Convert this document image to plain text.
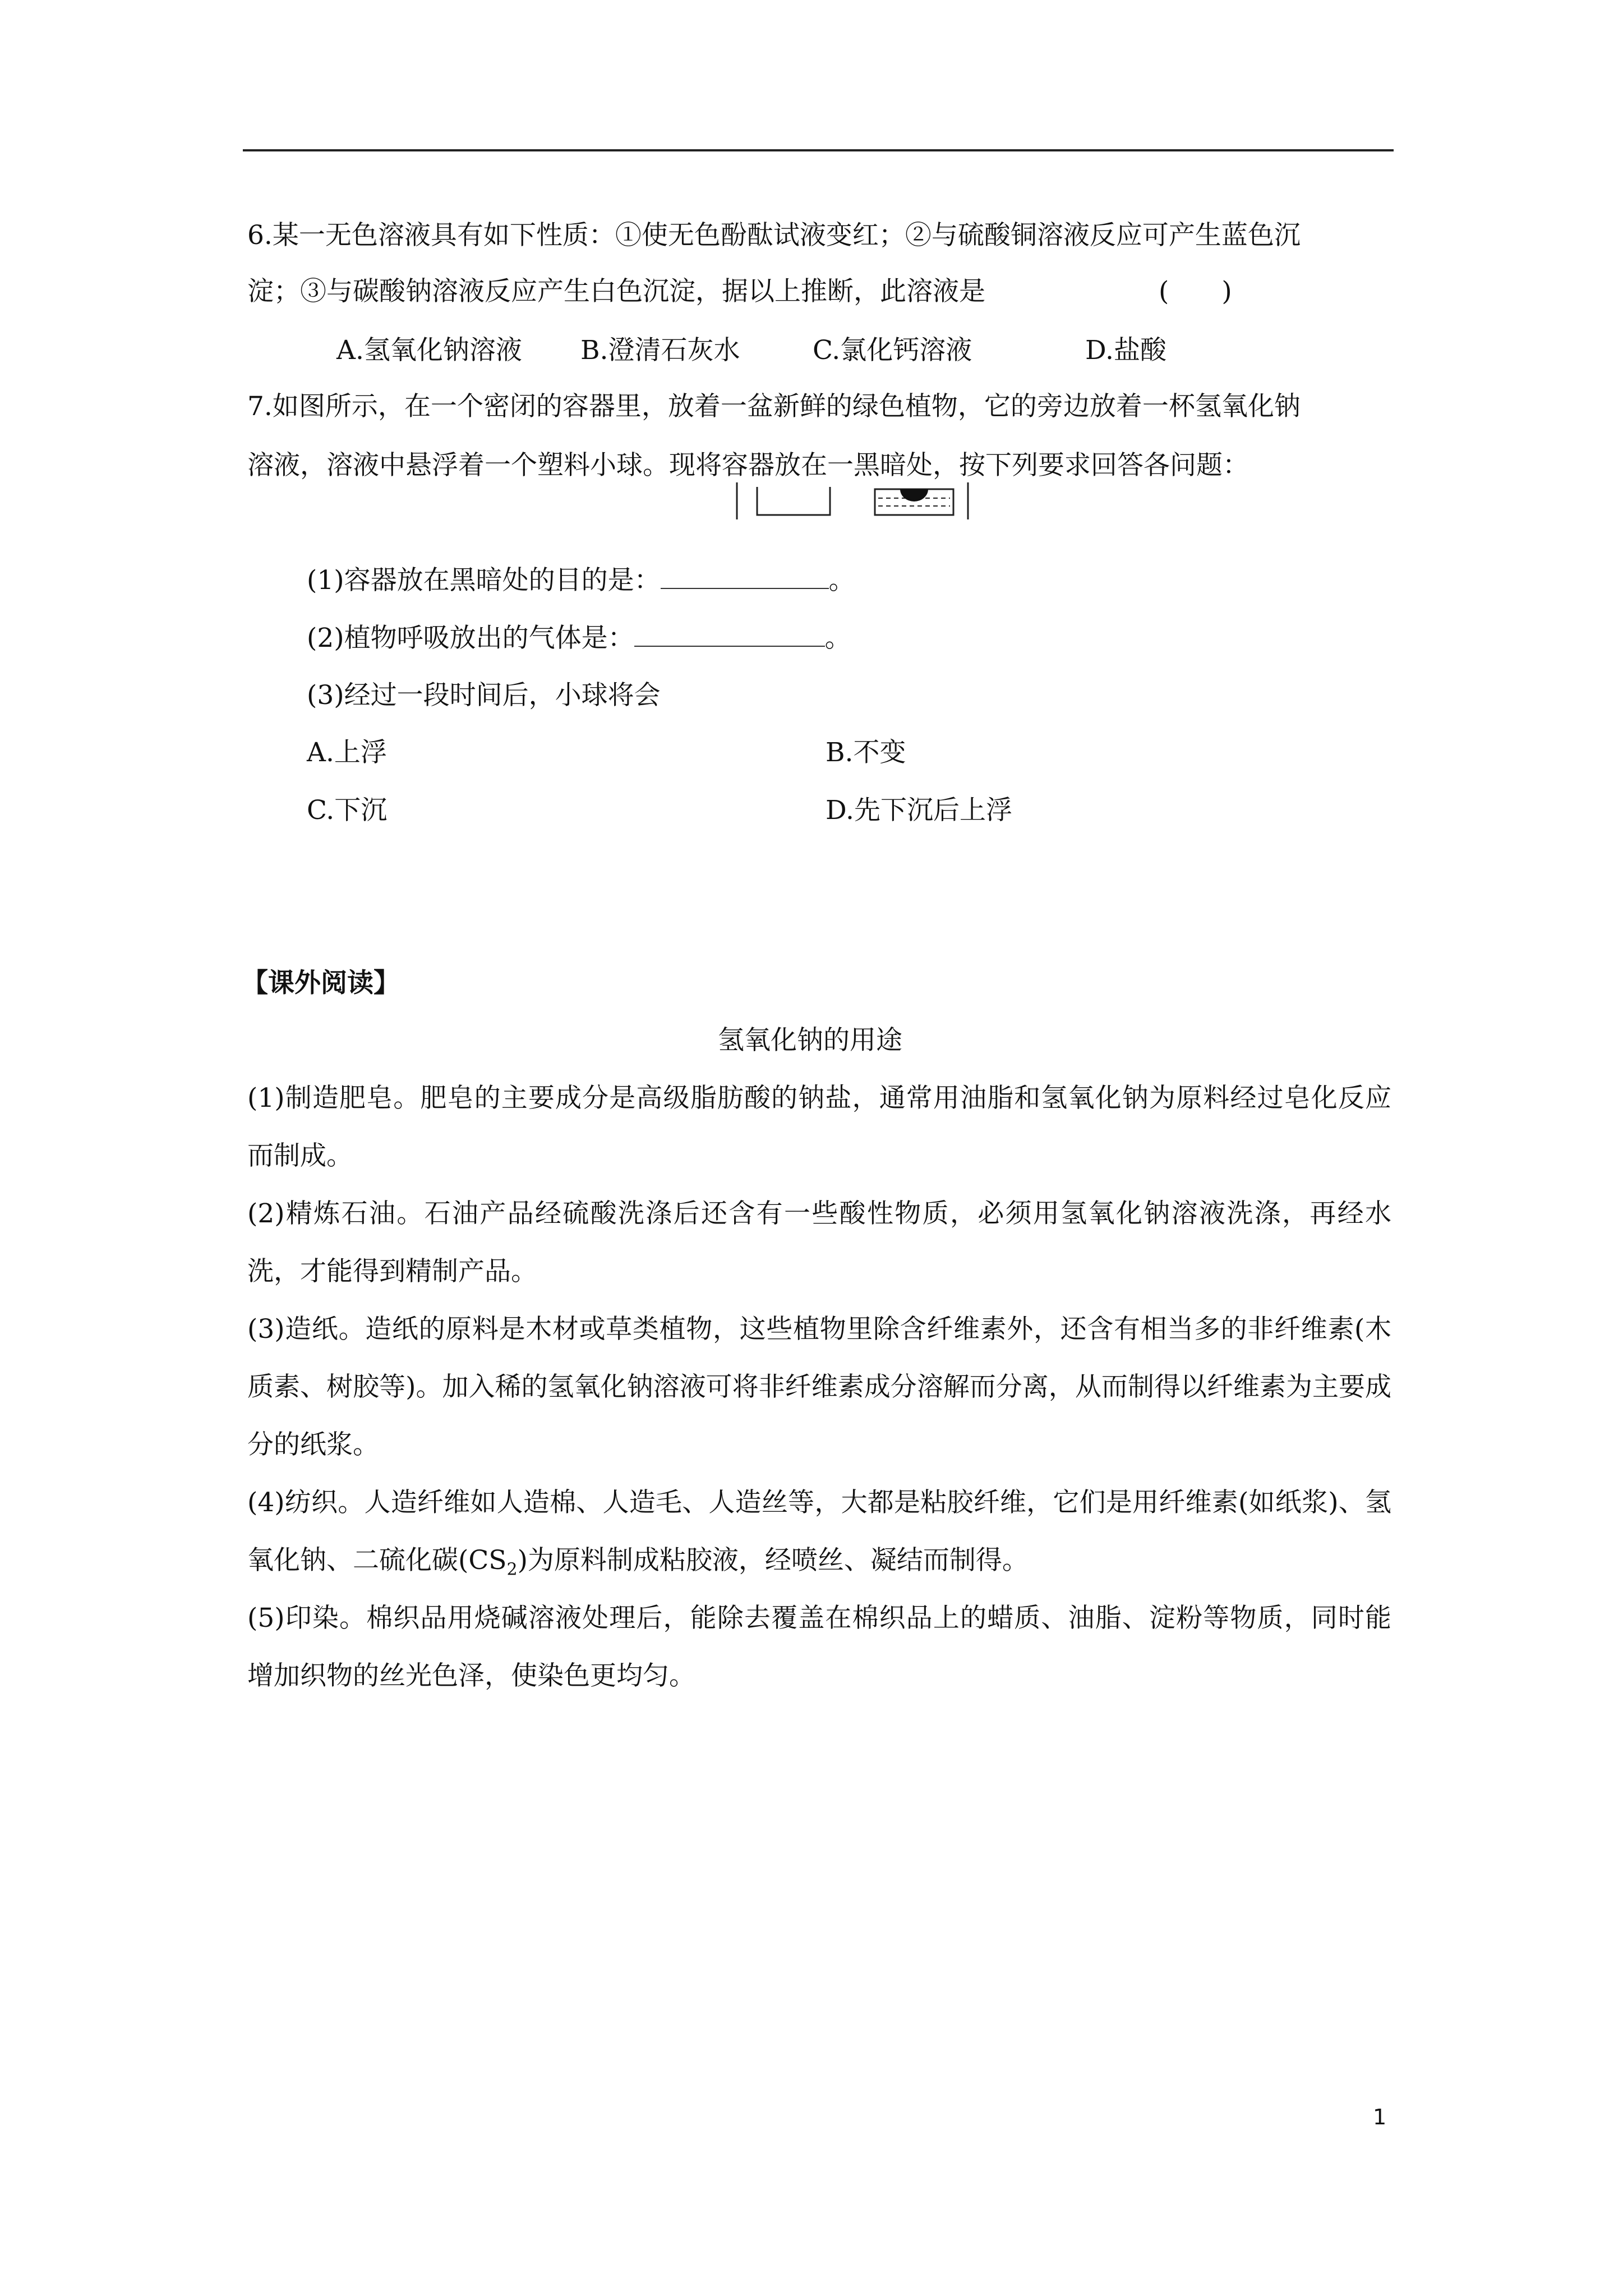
6.某一无色溶液具有如下性质：①使无色酚酞试液变红；②与硫酸铜溶液反应可产生蓝色沉
淀；③与碳酸钠溶液反应产生白色沉淀，据以上推断，此溶液是	(　　)
A.氢氧化钠溶液 B.澄清石灰水	C.氯化钙溶液	D.盐酸
7.如图所示，在一个密闭的容器里，放着一盆新鲜的绿色植物，它的旁边放着一杯氢氧化钠
溶液，溶液中悬浮着一个塑料小球。现将容器放在一黑暗处，按下列要求回答各问题：
(1)容器放在黑暗处的目的是：	。
(2)植物呼吸放出的气体是：	。
(3)经过一段时间后，小球将会
A.上浮	B.不变
C.下沉	D.先下沉后上浮
【课外阅读】
氢氧化钠的用途
(1)制造肥皂。肥皂的主要成分是高级脂肪酸的钠盐，通常用油脂和氢氧化钠为原料经过皂化反应而制成。
(2)精炼石油。石油产品经硫酸洗涤后还含有一些酸性物质，必须用氢氧化钠溶液洗涤，再经水洗，才能得到精制产品。
(3)造纸。造纸的原料是木材或草类植物，这些植物里除含纤维素外，还含有相当多的非纤维素(木质素、树胶等)。加入稀的氢氧化钠溶液可将非纤维素成分溶解而分离，从而制得以纤维素为主要成分的纸浆。
(4)纺织。人造纤维如人造棉、人造毛、人造丝等，大都是粘胶纤维，它们是用纤维素(如纸浆)、氢氧化钠、二硫化碳$(CS_2)$为原料制成粘胶液，经喷丝、凝结而制得。
(5)印染。棉织品用烧碱溶液处理后，能除去覆盖在棉织品上的蜡质、油脂、淀粉等物质，同时能增加织物的丝光色泽，使染色更均匀。
1
